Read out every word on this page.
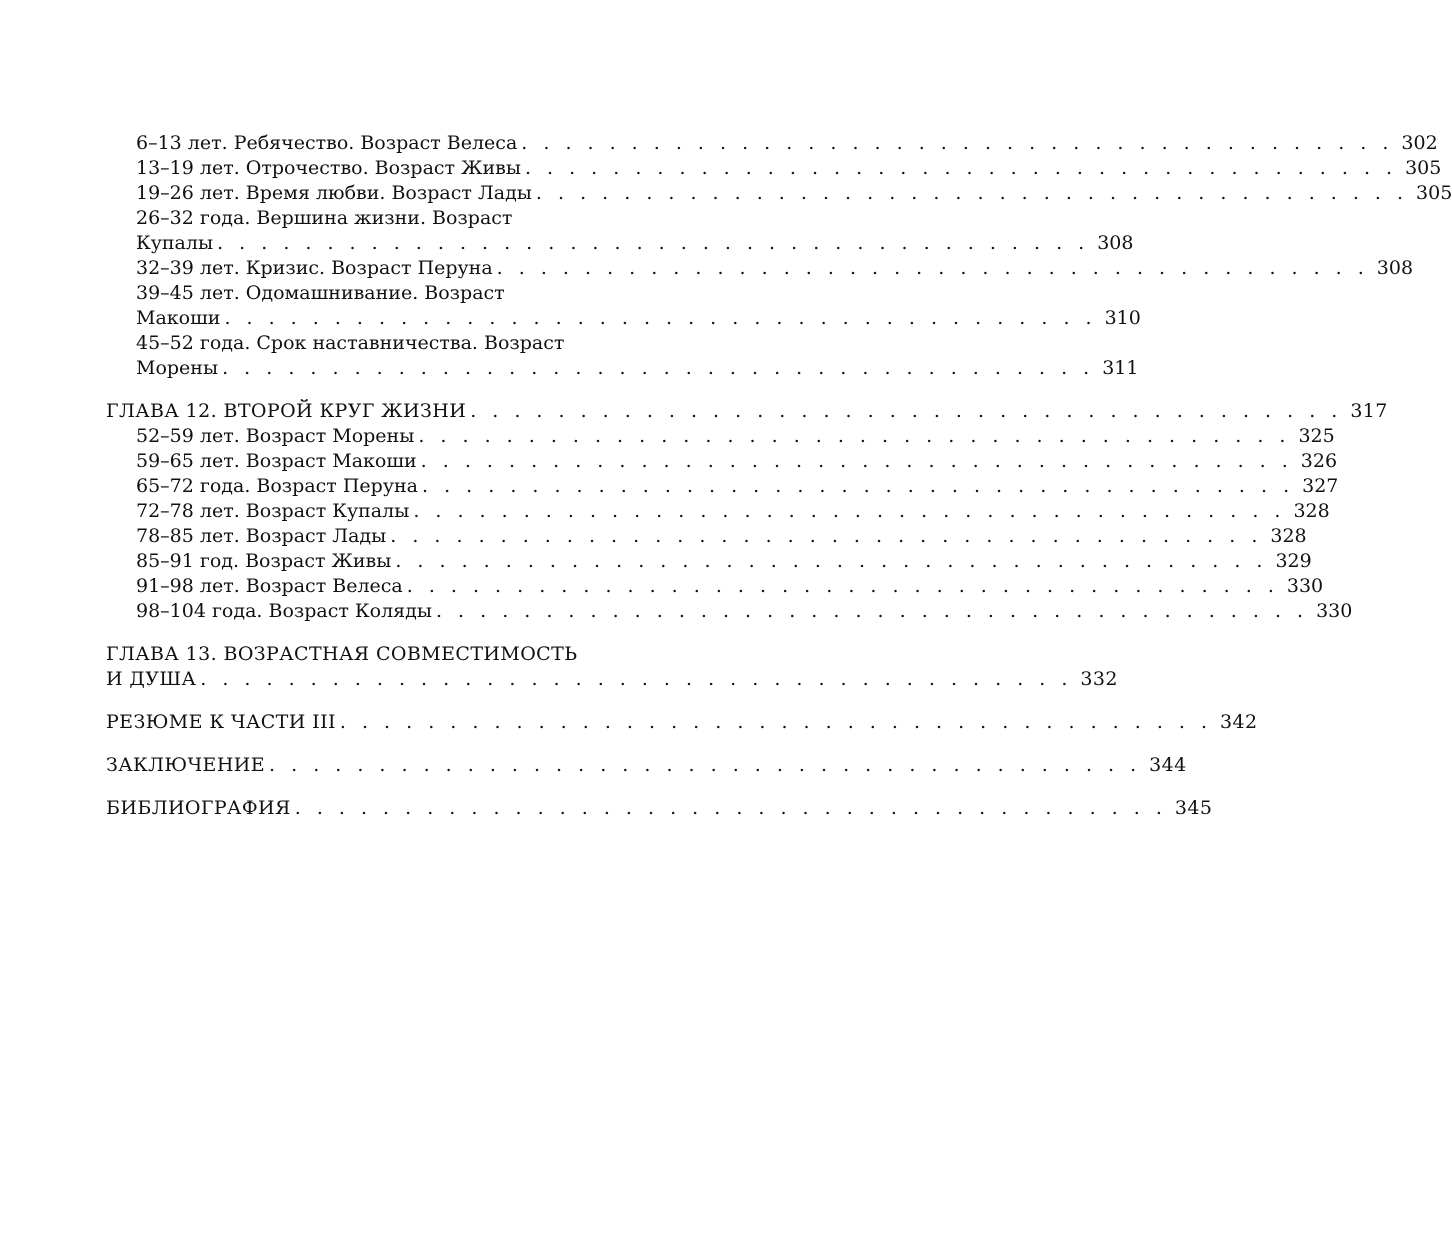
6–13 лет. Ребячество. Возраст Велеса . . . . . . . . . . . . . . . . . . . . . . . . . . . . . . . . . . . . . . . . 302
13–19 лет. Отрочество. Возраст Живы . . . . . . . . . . . . . . . . . . . . . . . . . . . . . . . . . . . . . . . . 305
19–26 лет. Время любви. Возраст Лады . . . . . . . . . . . . . . . . . . . . . . . . . . . . . . . . . . . . . . . . 305
26–32 года. Вершина жизни. Возраст
Купалы . . . . . . . . . . . . . . . . . . . . . . . . . . . . . . . . . . . . . . . . 308
32–39 лет. Кризис. Возраст Перуна . . . . . . . . . . . . . . . . . . . . . . . . . . . . . . . . . . . . . . . . 308
39–45 лет. Одомашнивание. Возраст
Макоши . . . . . . . . . . . . . . . . . . . . . . . . . . . . . . . . . . . . . . . . 310
45–52 года. Срок наставничества. Возраст
Морены . . . . . . . . . . . . . . . . . . . . . . . . . . . . . . . . . . . . . . . . 311
ГЛАВА 12. ВТОРОЙ КРУГ ЖИЗНИ . . . . . . . . . . . . . . . . . . . . . . . . . . . . . . . . . . . . . . . . 317
52–59 лет. Возраст Морены . . . . . . . . . . . . . . . . . . . . . . . . . . . . . . . . . . . . . . . . 325
59–65 лет. Возраст Макоши . . . . . . . . . . . . . . . . . . . . . . . . . . . . . . . . . . . . . . . . 326
65–72 года. Возраст Перуна . . . . . . . . . . . . . . . . . . . . . . . . . . . . . . . . . . . . . . . . 327
72–78 лет. Возраст Купалы . . . . . . . . . . . . . . . . . . . . . . . . . . . . . . . . . . . . . . . . 328
78–85 лет. Возраст Лады . . . . . . . . . . . . . . . . . . . . . . . . . . . . . . . . . . . . . . . . 328
85–91 год. Возраст Живы . . . . . . . . . . . . . . . . . . . . . . . . . . . . . . . . . . . . . . . . 329
91–98 лет. Возраст Велеса . . . . . . . . . . . . . . . . . . . . . . . . . . . . . . . . . . . . . . . . 330
98–104 года. Возраст Коляды . . . . . . . . . . . . . . . . . . . . . . . . . . . . . . . . . . . . . . . . 330
ГЛАВА 13. ВОЗРАСТНАЯ СОВМЕСТИМОСТЬ
И ДУША . . . . . . . . . . . . . . . . . . . . . . . . . . . . . . . . . . . . . . . . 332
РЕЗЮМЕ К ЧАСТИ III . . . . . . . . . . . . . . . . . . . . . . . . . . . . . . . . . . . . . . . . 342
ЗАКЛЮЧЕНИЕ . . . . . . . . . . . . . . . . . . . . . . . . . . . . . . . . . . . . . . . . 344
БИБЛИОГРАФИЯ . . . . . . . . . . . . . . . . . . . . . . . . . . . . . . . . . . . . . . . . 345
